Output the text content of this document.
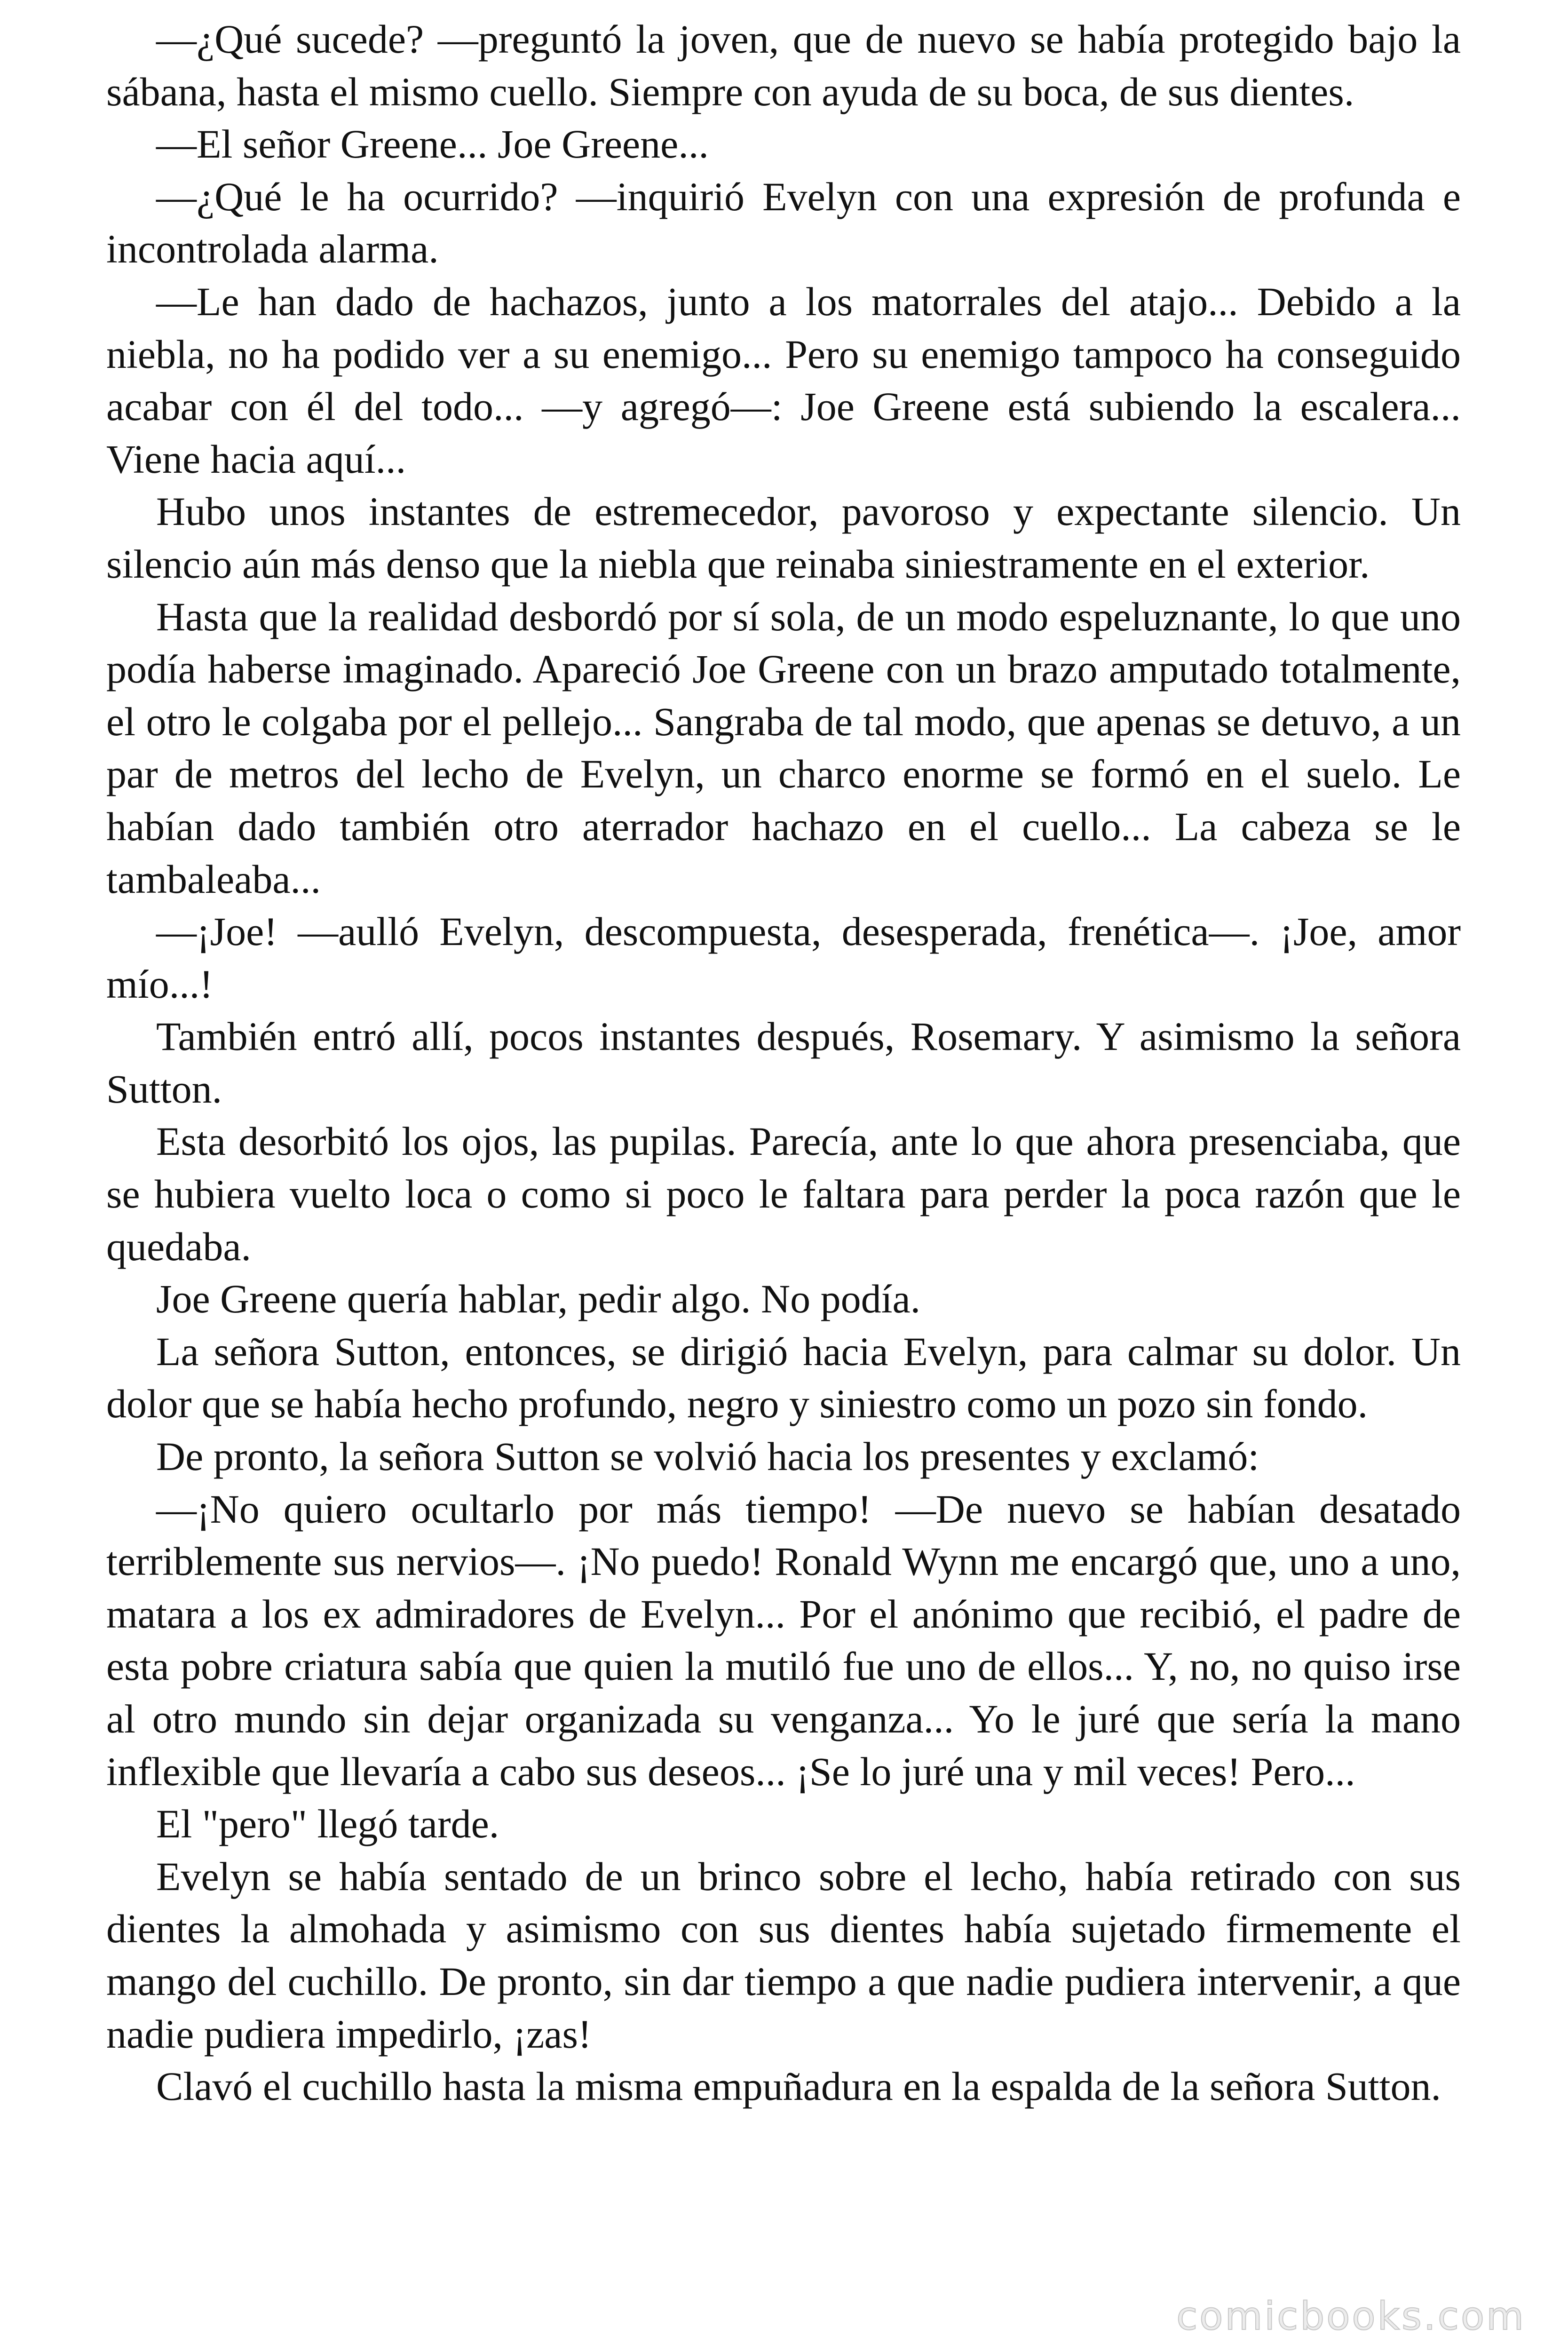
—¿Qué sucede? —preguntó la joven, que de nuevo se había protegido bajo la sábana, hasta el mismo cuello. Siempre con ayuda de su boca, de sus dientes.

—El señor Greene... Joe Greene...

—¿Qué le ha ocurrido? —inquirió Evelyn con una expresión de profunda e incontrolada alarma.

—Le han dado de hachazos, junto a los matorrales del atajo... Debido a la niebla, no ha podido ver a su enemigo... Pero su enemigo tampoco ha conseguido acabar con él del todo... —y agregó—: Joe Greene está subiendo la escalera... Viene hacia aquí...

Hubo unos instantes de estremecedor, pavoroso y expectante silencio. Un silencio aún más denso que la niebla que reinaba siniestramente en el exterior.

Hasta que la realidad desbordó por sí sola, de un modo espeluznante, lo que uno podía haberse imaginado. Apareció Joe Greene con un brazo amputado totalmente, el otro le colgaba por el pellejo... Sangraba de tal modo, que apenas se detuvo, a un par de metros del lecho de Evelyn, un charco enorme se formó en el suelo. Le habían dado también otro aterrador hachazo en el cuello... La cabeza se le tambaleaba...

—¡Joe! —aulló Evelyn, descompuesta, desesperada, frenética—. ¡Joe, amor mío...!

También entró allí, pocos instantes después, Rosemary. Y asimismo la señora Sutton.

Esta desorbitó los ojos, las pupilas. Parecía, ante lo que ahora presenciaba, que se hubiera vuelto loca o como si poco le faltara para perder la poca razón que le quedaba.

Joe Greene quería hablar, pedir algo. No podía.

La señora Sutton, entonces, se dirigió hacia Evelyn, para calmar su dolor. Un dolor que se había hecho profundo, negro y siniestro como un pozo sin fondo.

De pronto, la señora Sutton se volvió hacia los presentes y exclamó:

—¡No quiero ocultarlo por más tiempo! —De nuevo se habían desatado terriblemente sus nervios—. ¡No puedo! Ronald Wynn me encargó que, uno a uno, matara a los ex admiradores de Evelyn... Por el anónimo que recibió, el padre de esta pobre criatura sabía que quien la mutiló fue uno de ellos... Y, no, no quiso irse al otro mundo sin dejar organizada su venganza... Yo le juré que sería la mano inflexible que llevaría a cabo sus deseos... ¡Se lo juré una y mil veces! Pero...

El "pero" llegó tarde.

Evelyn se había sentado de un brinco sobre el lecho, había retirado con sus dientes la almohada y asimismo con sus dientes había sujetado firmemente el mango del cuchillo. De pronto, sin dar tiempo a que nadie pudiera intervenir, a que nadie pudiera impedirlo, ¡zas!

Clavó el cuchillo hasta la misma empuñadura en la espalda de la señora Sutton.

comicbooks.com
